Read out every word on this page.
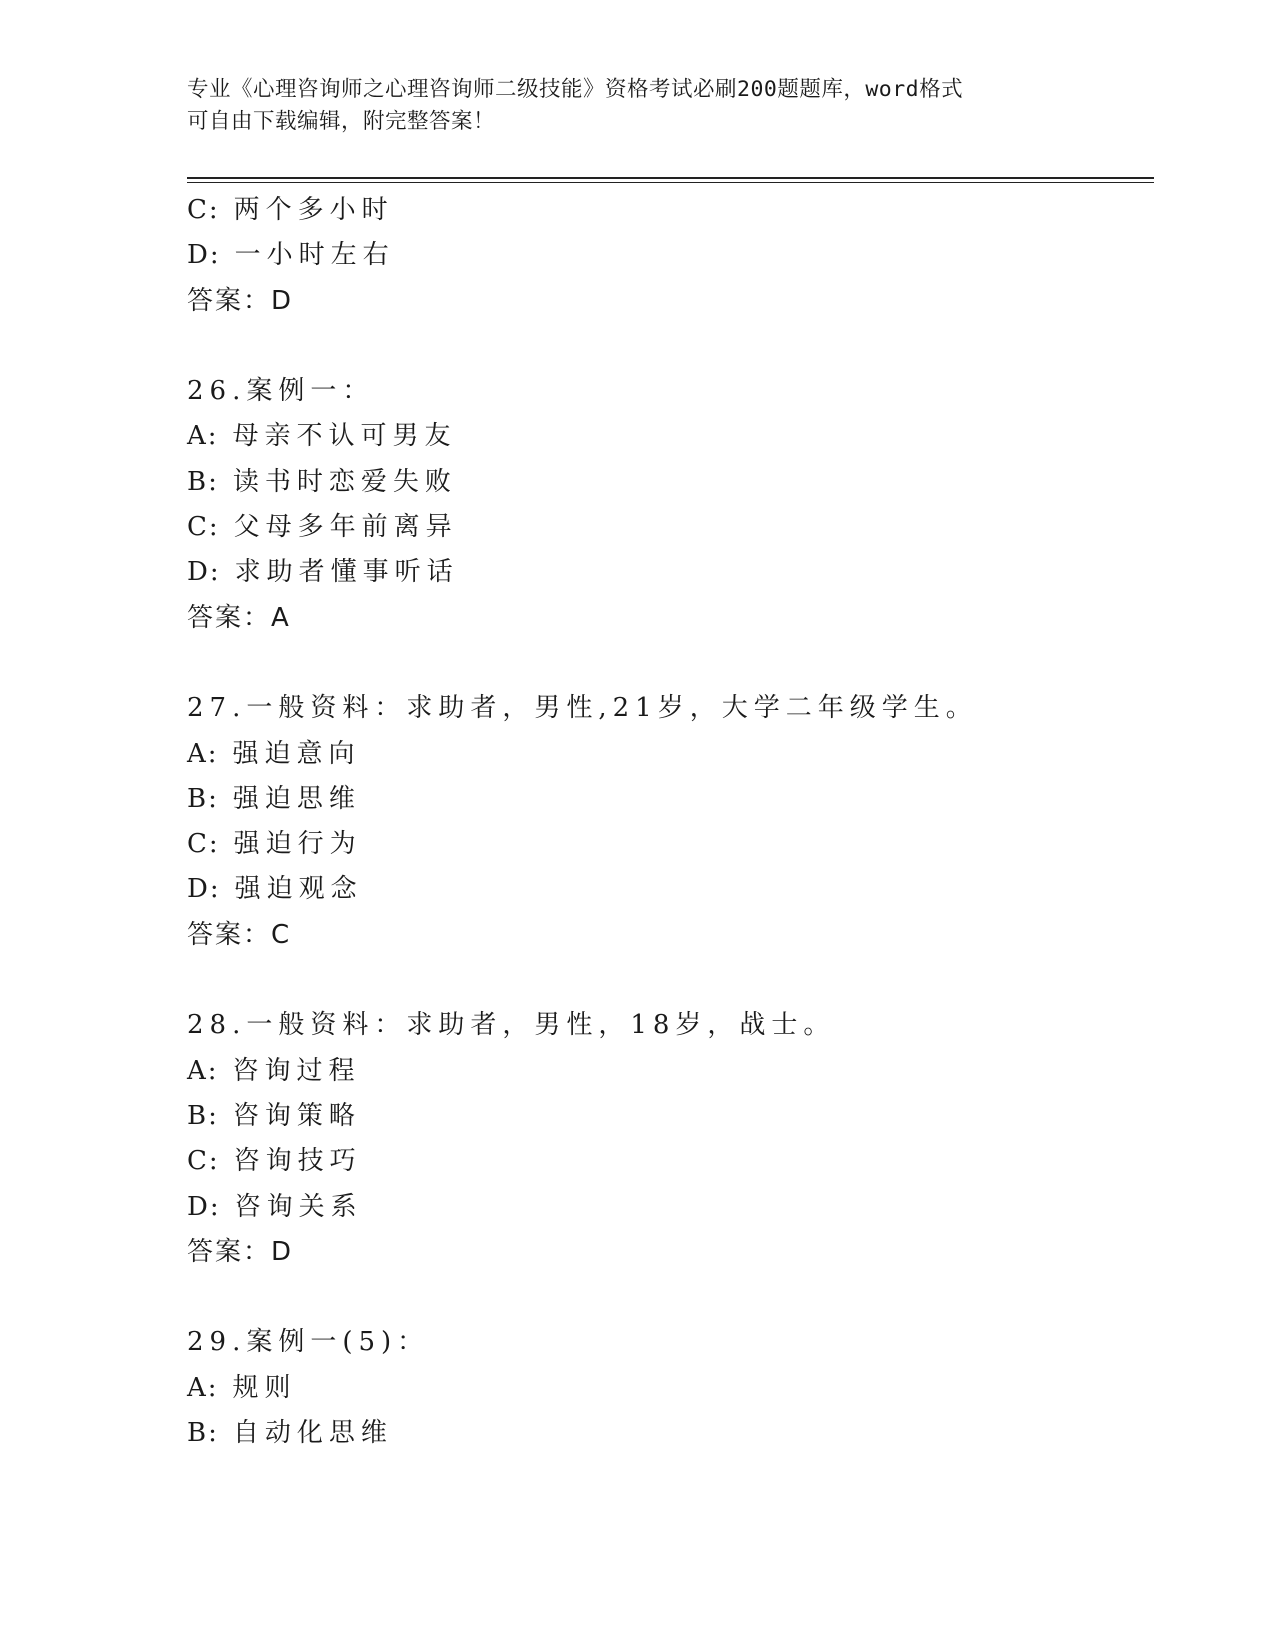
专业《心理咨询师之心理咨询师二级技能》资格考试必刷200题题库，word格式
可自由下载编辑，附完整答案！
C: 两个多小时
D: 一小时左右
答案：D
26.案例一：
A: 母亲不认可男友
B: 读书时恋爱失败
C: 父母多年前离异
D: 求助者懂事听话
答案：A
27.一般资料：求助者，男性,21岁，大学二年级学生。
A: 强迫意向
B: 强迫思维
C: 强迫行为
D: 强迫观念
答案：C
28.一般资料：求助者，男性，18岁，战士。
A: 咨询过程
B: 咨询策略
C: 咨询技巧
D: 咨询关系
答案：D
29.案例一(5)：
A: 规则
B: 自动化思维
